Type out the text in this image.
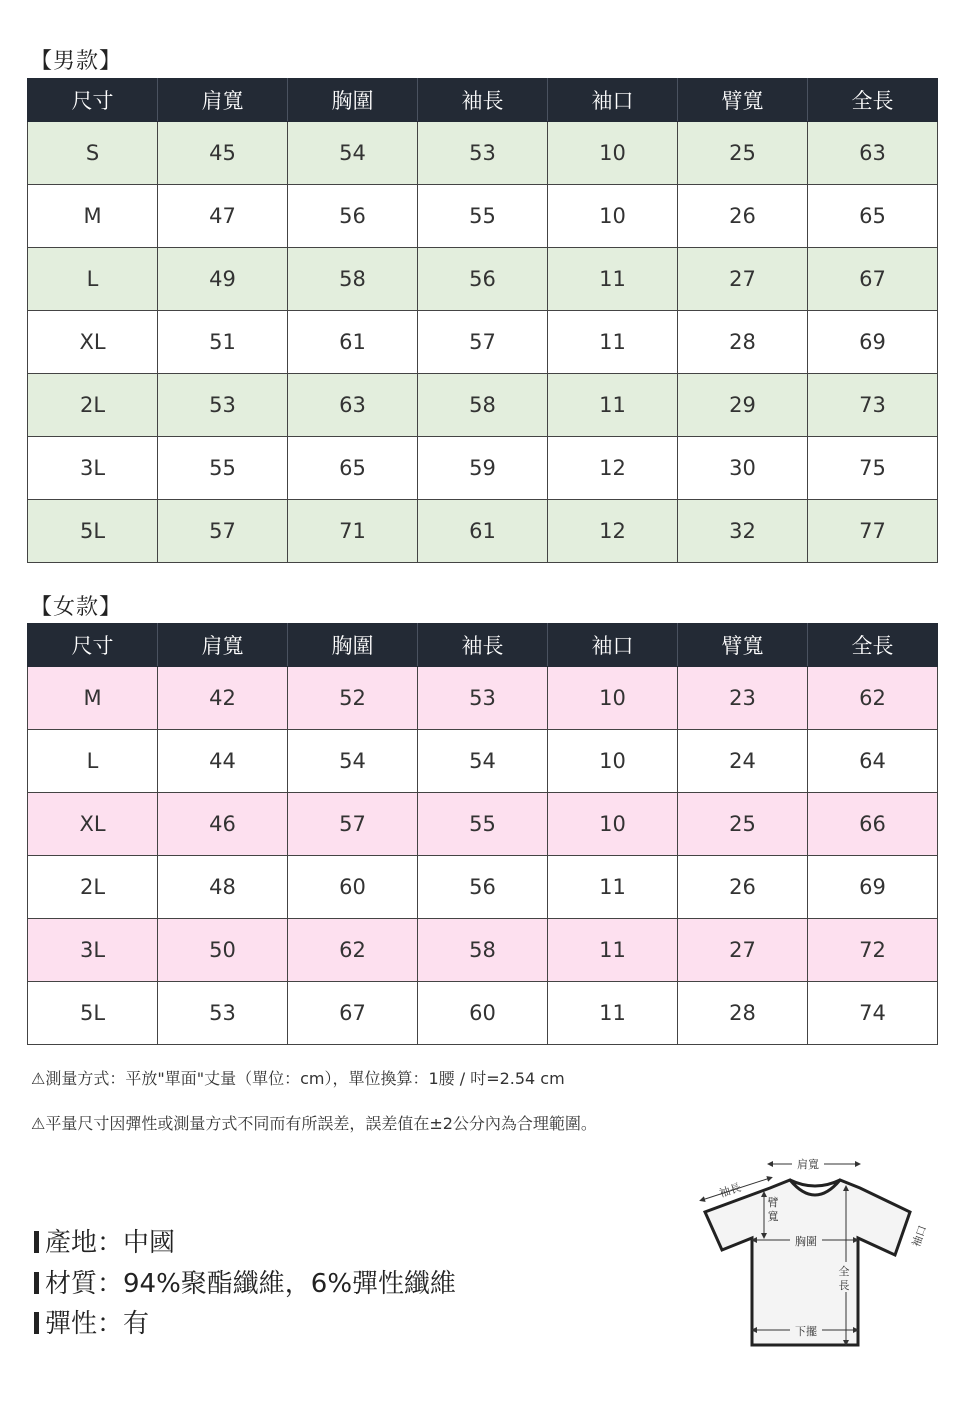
【男款】
尺寸	肩寬	胸圍	袖長	袖口	臂寬	全長
S	45	54	53	10	25	63
M	47	56	55	10	26	65
L	49	58	56	11	27	67
XL	51	61	57	11	28	69
2L	53	63	58	11	29	73
3L	55	65	59	12	30	75
5L	57	71	61	12	32	77
【女款】
尺寸	肩寬	胸圍	袖長	袖口	臂寬	全長
M	42	52	53	10	23	62
L	44	54	54	10	24	64
XL	46	57	55	10	25	66
2L	48	60	56	11	26	69
3L	50	62	58	11	27	72
5L	53	67	60	11	28	74
⚠測量方式：平放"單面"丈量（單位：cm），單位換算：1腰 / 吋=2.54 cm
⚠平量尺寸因彈性或測量方式不同而有所誤差，誤差值在±2公分內為合理範圍。
產地：中國
材質：94%聚酯纖維，6%彈性纖維
彈性：有
肩寬
袖長
臂
寬
胸圍	袖口
全
長
下擺
